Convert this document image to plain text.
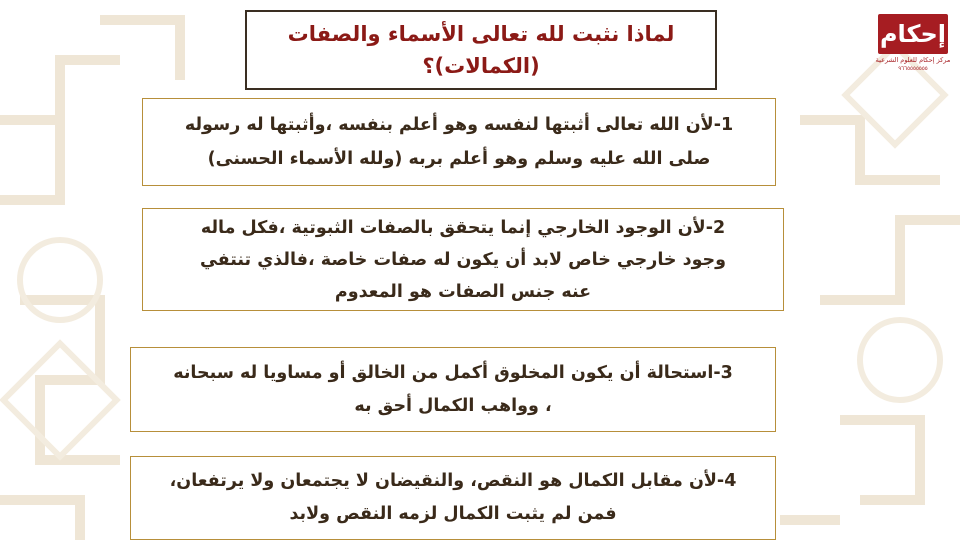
لماذا نثبت لله تعالى الأسماء والصفات
(الكمالات)؟
1-لأن الله تعالى أثبتها لنفسه وهو أعلم بنفسه ،وأثبتها له رسوله
صلى الله عليه وسلم وهو أعلم بربه (ولله الأسماء الحسنى)
2-لأن الوجود الخارجي إنما يتحقق بالصفات الثبوتية ،فكل ماله
وجود خارجي خاص لابد أن يكون له صفات خاصة ،فالذي تنتفي
عنه جنس الصفات هو المعدوم
3-استحالة أن يكون المخلوق أكمل من الخالق أو مساويا له سبحانه
، وواهب الكمال أحق به
4-لأن مقابل الكمال هو النقص، والنقيضان لا يجتمعان ولا يرتفعان،
فمن لم يثبت الكمال لزمه النقص ولابد
إحكام
مركز إحكام للعلوم الشرعية
٩٦٦٥٥٥٥٥٥٥
